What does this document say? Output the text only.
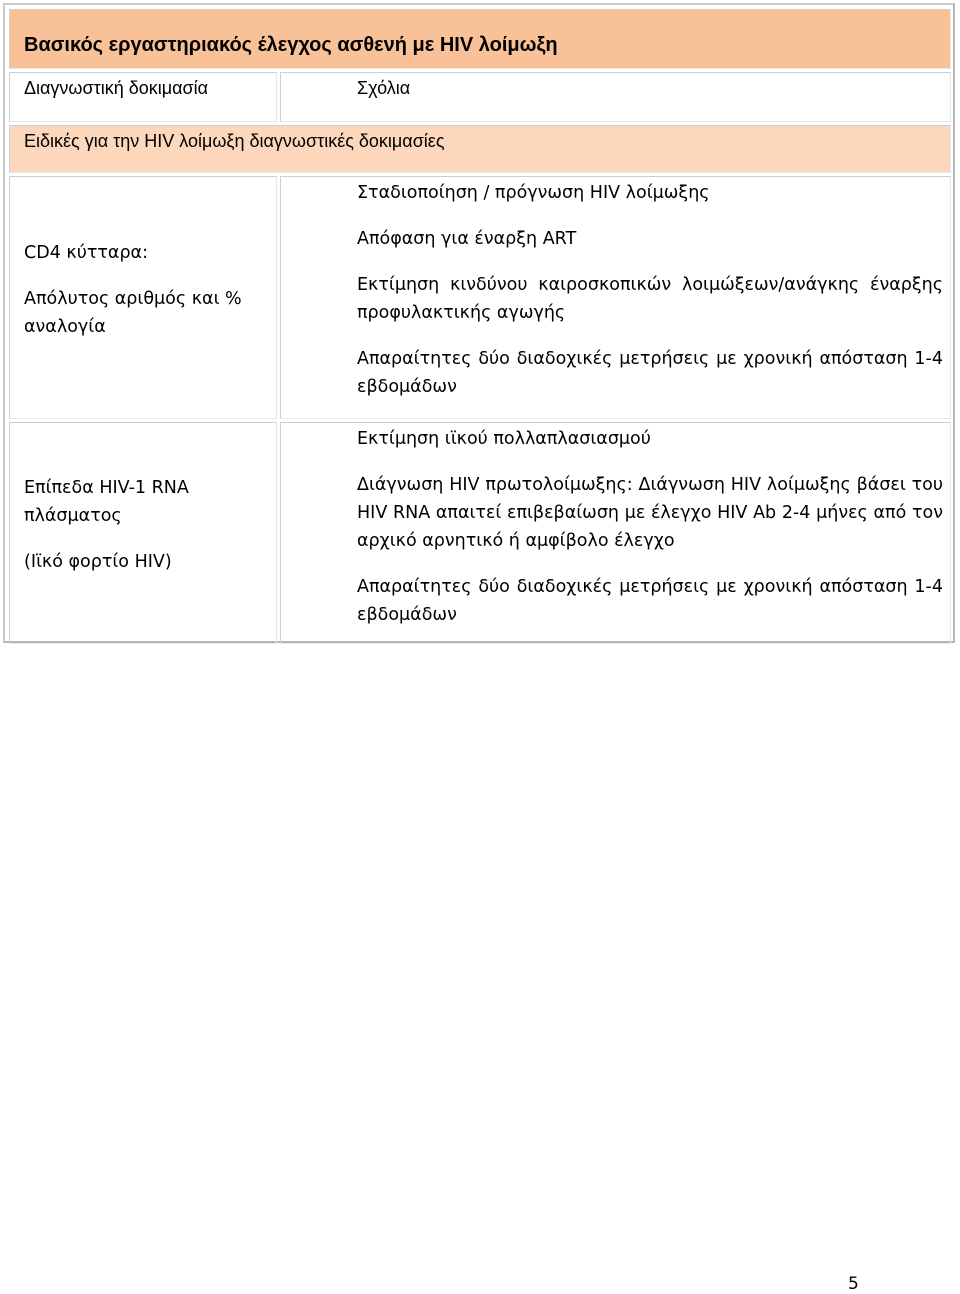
Βασικός εργαστηριακός έλεγχος ασθενή με HIV λοίμωξη
Διαγνωστική δοκιμασία	Σχόλια
Ειδικές για την HIV λοίμωξη διαγνωστικές δοκιμασίες

CD4 κύτταρα:

Απόλυτος αριθμός και % αναλογία

Σταδιοποίηση / πρόγνωση HIV λοίμωξης

Απόφαση για έναρξη ART

Εκτίμηση κινδύνου καιροσκοπικών λοιμώξεων/ανάγκης έναρξης προφυλακτικής αγωγής

Απαραίτητες δύο διαδοχικές μετρήσεις με χρονική απόσταση 1-4 εβδομάδων

Επίπεδα HIV-1 RNA πλάσματος

(Ιϊκό φορτίο HIV)

Εκτίμηση ιϊκού πολλαπλασιασμού

Διάγνωση HIV πρωτολοίμωξης: Διάγνωση HIV λοίμωξης βάσει του HIV RNA απαιτεί επιβεβαίωση με έλεγχο HIV Ab 2-4 μήνες από τον αρχικό αρνητικό ή αμφίβολο έλεγχο

Απαραίτητες δύο διαδοχικές μετρήσεις με χρονική απόσταση 1-4 εβδομάδων

5
